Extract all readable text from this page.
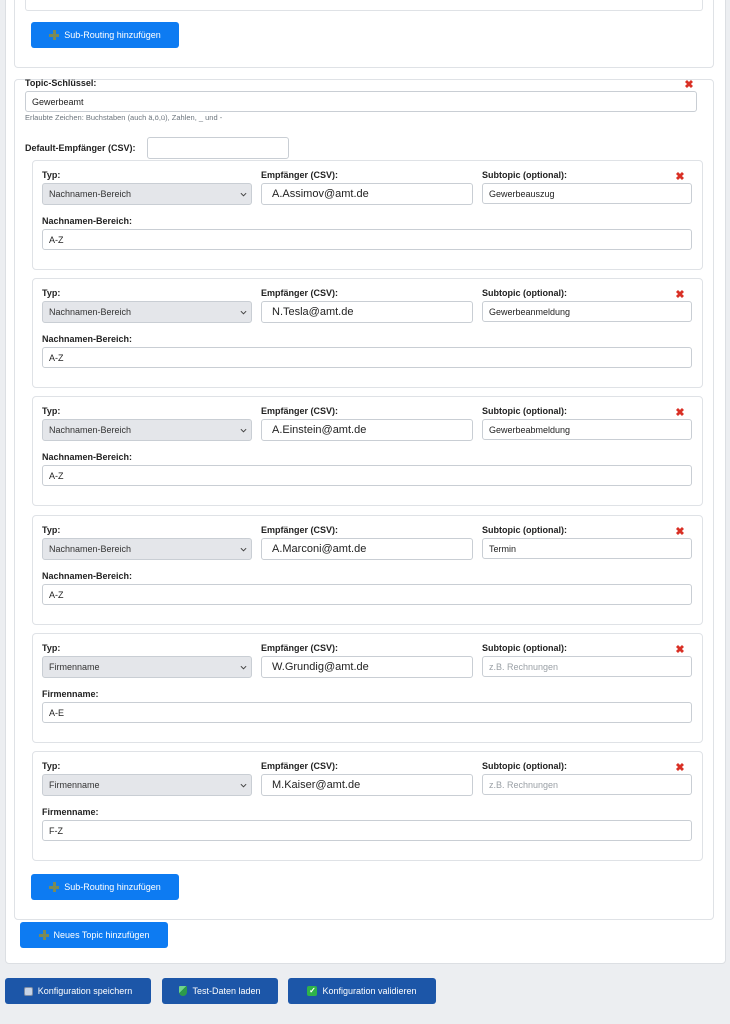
Sub-Routing hinzufügen
Topic-Schlüssel:	✖
Gewerbeamt
Erlaubte Zeichen: Buchstaben (auch ä,ö,ü), Zahlen, _ und -
Default-Empfänger (CSV):
Typ:	Empfänger (CSV):	Subtopic (optional):	✖
Nachnamen-Bereich	A.Assimov@amt.de	Gewerbeauszug
Nachnamen-Bereich:
A-Z
Typ:	Empfänger (CSV):	Subtopic (optional):	✖
Nachnamen-Bereich	N.Tesla@amt.de	Gewerbeanmeldung
Nachnamen-Bereich:
A-Z
Typ:	Empfänger (CSV):	Subtopic (optional):	✖
Nachnamen-Bereich	A.Einstein@amt.de	Gewerbeabmeldung
Nachnamen-Bereich:
A-Z
Typ:	Empfänger (CSV):	Subtopic (optional):	✖
Nachnamen-Bereich	A.Marconi@amt.de	Termin
Nachnamen-Bereich:
A-Z
Typ:	Empfänger (CSV):	Subtopic (optional):	✖
Firmenname	W.Grundig@amt.de	z.B. Rechnungen
Firmenname:
A-E
Typ:	Empfänger (CSV):	Subtopic (optional):	✖
Firmenname	M.Kaiser@amt.de	z.B. Rechnungen
Firmenname:
F-Z
Sub-Routing hinzufügen
Neues Topic hinzufügen
Konfiguration speichern	Test-Daten laden	✓ Konfiguration validieren
